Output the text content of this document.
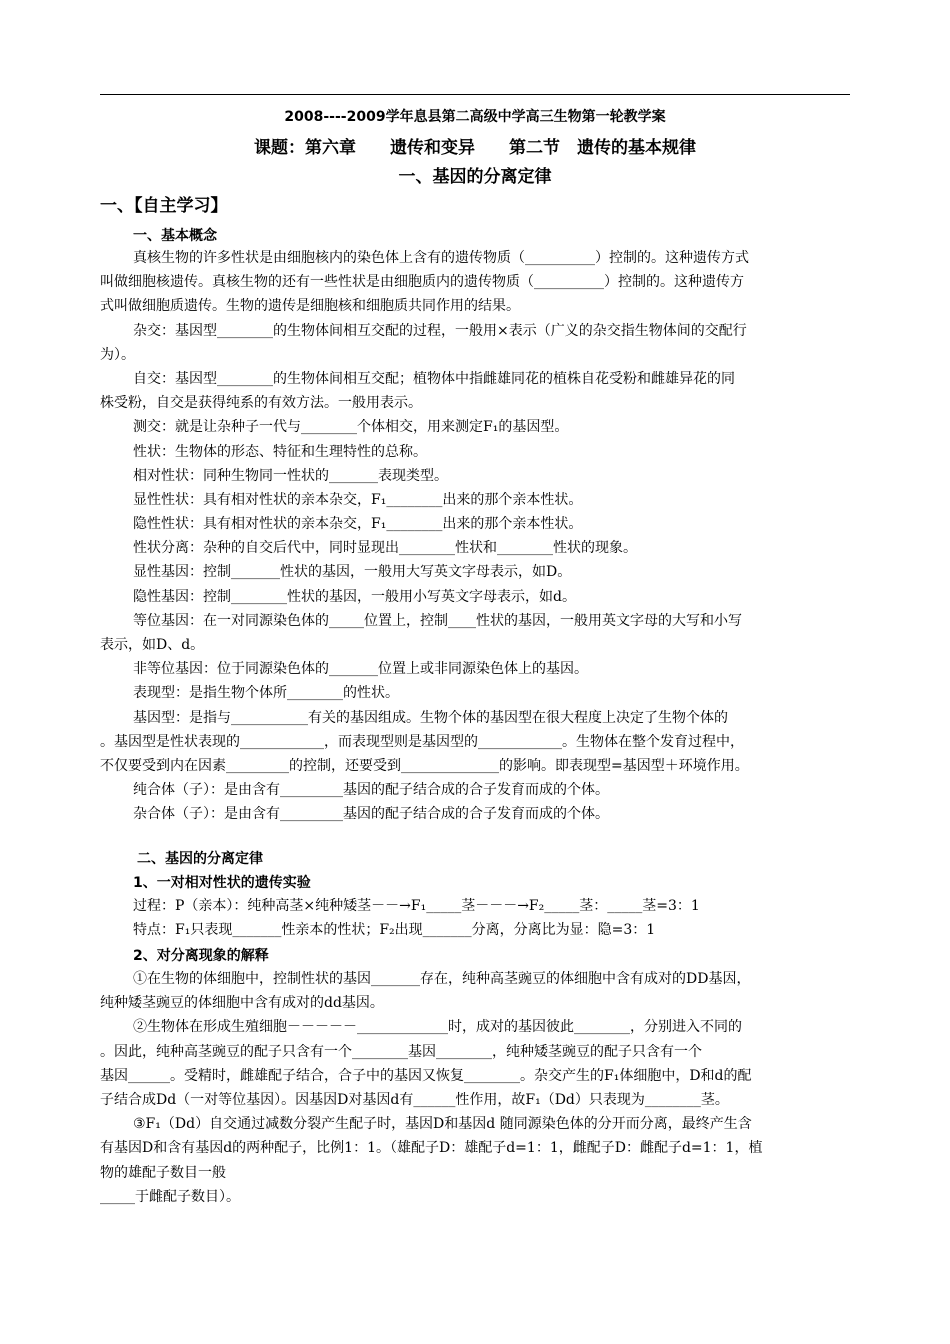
2008----2009学年息县第二高级中学高三生物第一轮教学案
课题：第六章　　遗传和变异　　第二节　遗传的基本规律
一、基因的分离定律
一、【自主学习】
一、基本概念
真核生物的许多性状是由细胞核内的染色体上含有的遗传物质（__________）控制的。这种遗传方式
叫做细胞核遗传。真核生物的还有一些性状是由细胞质内的遗传物质（__________）控制的。这种遗传方
式叫做细胞质遗传。生物的遗传是细胞核和细胞质共同作用的结果。
杂交：基因型________的生物体间相互交配的过程，一般用×表示（广义的杂交指生物体间的交配行
为）。
自交：基因型________的生物体间相互交配；植物体中指雌雄同花的植株自花受粉和雌雄异花的同
株受粉，自交是获得纯系的有效方法。一般用表示。
测交：就是让杂种子一代与________个体相交，用来测定F₁的基因型。
性状：生物体的形态、特征和生理特性的总称。
相对性状：同种生物同一性状的_______表现类型。
显性性状：具有相对性状的亲本杂交，F₁________出来的那个亲本性状。
隐性性状：具有相对性状的亲本杂交，F₁________出来的那个亲本性状。
性状分离：杂种的自交后代中，同时显现出________性状和________性状的现象。
显性基因：控制_______性状的基因，一般用大写英文字母表示，如D。
隐性基因：控制________性状的基因，一般用小写英文字母表示，如d。
等位基因：在一对同源染色体的_____位置上，控制____性状的基因，一般用英文字母的大写和小写
表示，如D、d。
非等位基因：位于同源染色体的_______位置上或非同源染色体上的基因。
表现型：是指生物个体所________的性状。
基因型：是指与___________有关的基因组成。生物个体的基因型在很大程度上决定了生物个体的
。基因型是性状表现的____________，而表现型则是基因型的____________。生物体在整个发育过程中，
不仅要受到内在因素_________的控制，还要受到______________的影响。即表现型=基因型＋环境作用。
纯合体（子）：是由含有_________基因的配子结合成的合子发育而成的个体。
杂合体（子）：是由含有_________基因的配子结合成的合子发育而成的个体。
二、基因的分离定律
1、一对相对性状的遗传实验
过程：P（亲本）：纯种高茎×纯种矮茎－－→F₁_____茎－－－→F₂_____茎：_____茎=3：1
特点：F₁只表现_______性亲本的性状；F₂出现_______分离，分离比为显：隐=3：1
2、对分离现象的解释
①在生物的体细胞中，控制性状的基因_______存在，纯种高茎豌豆的体细胞中含有成对的DD基因，
纯种矮茎豌豆的体细胞中含有成对的dd基因。
②生物体在形成生殖细胞－－－－－_____________时，成对的基因彼此________，分别进入不同的
。因此，纯种高茎豌豆的配子只含有一个________基因________，纯种矮茎豌豆的配子只含有一个
基因______。受精时，雌雄配子结合，合子中的基因又恢复________。杂交产生的F₁体细胞中，D和d的配
子结合成Dd（一对等位基因）。因基因D对基因d有______性作用，故F₁（Dd）只表现为________茎。
③F₁（Dd）自交通过减数分裂产生配子时，基因D和基因d 随同源染色体的分开而分离，最终产生含
有基因D和含有基因d的两种配子，比例1：1。（雄配子D：雄配子d=1：1，雌配子D：雌配子d=1：1，植
物的雄配子数目一般
_____于雌配子数目）。
